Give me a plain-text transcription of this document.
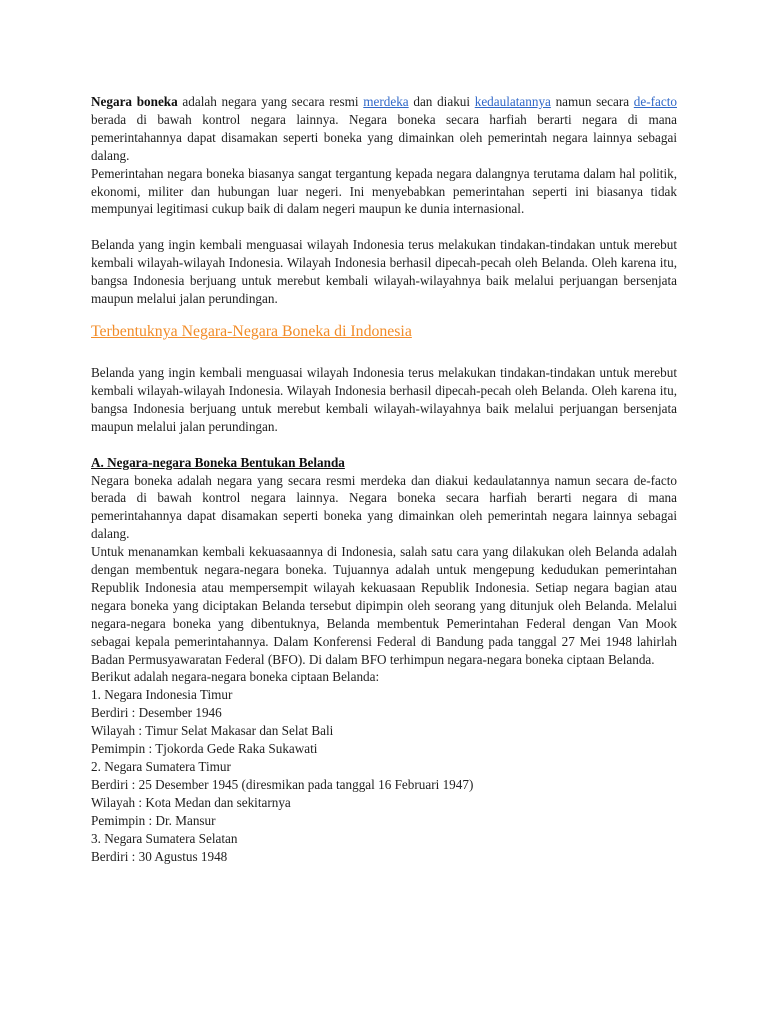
Negara boneka adalah negara yang secara resmi merdeka dan diakui kedaulatannya namun secara de-facto berada di bawah kontrol negara lainnya. Negara boneka secara harfiah berarti negara di mana pemerintahannya dapat disamakan seperti boneka yang dimainkan oleh pemerintah negara lainnya sebagai dalang.

Pemerintahan negara boneka biasanya sangat tergantung kepada negara dalangnya terutama dalam hal politik, ekonomi, militer dan hubungan luar negeri. Ini menyebabkan pemerintahan seperti ini biasanya tidak mempunyai legitimasi cukup baik di dalam negeri maupun ke dunia internasional.

Belanda yang ingin kembali menguasai wilayah Indonesia terus melakukan tindakan-tindakan untuk merebut kembali wilayah-wilayah Indonesia. Wilayah Indonesia berhasil dipecah-pecah oleh Belanda. Oleh karena itu, bangsa Indonesia berjuang untuk merebut kembali wilayah-wilayahnya baik melalui perjuangan bersenjata maupun melalui jalan perundingan.

Terbentuknya Negara-Negara Boneka di Indonesia

Belanda yang ingin kembali menguasai wilayah Indonesia terus melakukan tindakan-tindakan untuk merebut kembali wilayah-wilayah Indonesia. Wilayah Indonesia berhasil dipecah-pecah oleh Belanda. Oleh karena itu, bangsa Indonesia berjuang untuk merebut kembali wilayah-wilayahnya baik melalui perjuangan bersenjata maupun melalui jalan perundingan.

A. Negara-negara Boneka Bentukan Belanda

Negara boneka adalah negara yang secara resmi merdeka dan diakui kedaulatannya namun secara de-facto berada di bawah kontrol negara lainnya. Negara boneka secara harfiah berarti negara di mana pemerintahannya dapat disamakan seperti boneka yang dimainkan oleh pemerintah negara lainnya sebagai dalang.

Untuk menanamkan kembali kekuasaannya di Indonesia, salah satu cara yang dilakukan oleh Belanda adalah dengan membentuk negara-negara boneka. Tujuannya adalah untuk mengepung kedudukan pemerintahan Republik Indonesia atau mempersempit wilayah kekuasaan Republik Indonesia. Setiap negara bagian atau negara boneka yang diciptakan Belanda tersebut dipimpin oleh seorang yang ditunjuk oleh Belanda. Melalui negara-negara boneka yang dibentuknya, Belanda membentuk Pemerintahan Federal dengan Van Mook sebagai kepala pemerintahannya. Dalam Konferensi Federal di Bandung pada tanggal 27 Mei 1948 lahirlah Badan Permusyawaratan Federal (BFO). Di dalam BFO terhimpun negara-negara boneka ciptaan Belanda.

Berikut adalah negara-negara boneka ciptaan Belanda:
1. Negara Indonesia Timur
Berdiri : Desember 1946
Wilayah : Timur Selat Makasar dan Selat Bali
Pemimpin : Tjokorda Gede Raka Sukawati
2. Negara Sumatera Timur
Berdiri : 25 Desember 1945 (diresmikan pada tanggal 16 Februari 1947)
Wilayah : Kota Medan dan sekitarnya
Pemimpin : Dr. Mansur
3. Negara Sumatera Selatan
Berdiri : 30 Agustus 1948
